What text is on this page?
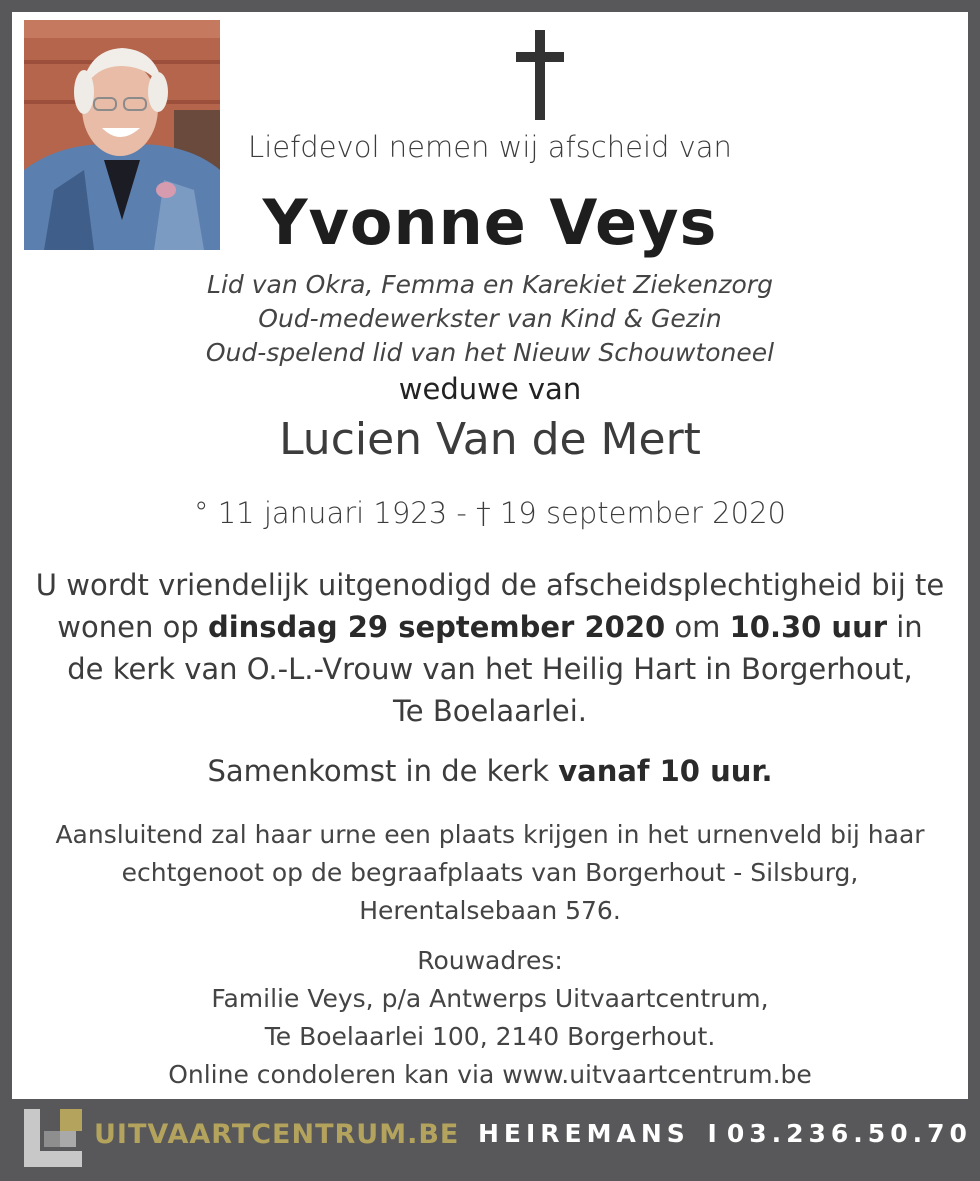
Liefdevol nemen wij afscheid van
Yvonne Veys
Lid van Okra, Femma en Karekiet Ziekenzorg
Oud-medewerkster van Kind & Gezin
Oud-spelend lid van het Nieuw Schouwtoneel
weduwe van
Lucien Van de Mert
° 11 januari 1923 - † 19 september 2020
U wordt vriendelijk uitgenodigd de afscheidsplechtigheid bij te
wonen op dinsdag 29 september 2020 om 10.30 uur in
de kerk van O.-L.-Vrouw van het Heilig Hart in Borgerhout,
Te Boelaarlei.
Samenkomst in de kerk vanaf 10 uur.
Aansluitend zal haar urne een plaats krijgen in het urnenveld bij haar
echtgenoot op de begraafplaats van Borgerhout - Silsburg,
Herentalsebaan 576.
Rouwadres:
Familie Veys, p/a Antwerps Uitvaartcentrum,
Te Boelaarlei 100, 2140 Borgerhout.
Online condoleren kan via www.uitvaartcentrum.be
UITVAARTCENTRUM.BE HEIREMANS I 03.236.50.70
